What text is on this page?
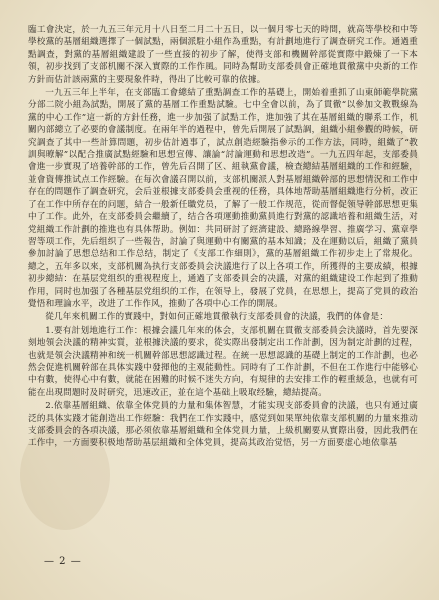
臨工會決定，於一九五三年元月十八日至二月二十五日，以一個月零七天的時間，就高等學校和中等學校黨的基層組織選擇了一個試點，兩個派駐小組作為重點，有計劃地進行了調查研究工作。通過重點調查，對黨的基層組織建設了一些直接的初步了解，使得支部和機關幹部從實際中鍛煉了一下本領，初步找到了支部机關不深入實際的工作作風。同時為幫助支部委員會正確地貫徹黨中央新的工作方針而估計該兩黨的主要現象件時，得出了比較可靠的依據。

一九五三年上半年，在支部臨工會總結了重點調查工作的基礎上，開始着重抓了山東師範學院黨分部二院小組為試點，開展了黨的基層工作重點試驗。七中全會以前，為了貫徹“以參加文教戰線為黨的中心工作”這一新的方針任務，進一步加强了試點工作，進加強了其在基層組織的聯系工作，机關內部總立了必要的會議制度。在兩年半的過程中，曾先后開展了試點調，組織小組參觀的時候，研究調查了其中一些計算問題，初步估計過事了，試点創造經驗指參示的工作方法，同時，組織了“教訓與暸解”以配合推廣試點經驗和思想宣傳、讓論“討論運動和思想改造”。一九五四年起，支部委員會進一步實現了培養幹部的工作，曾先后召開了区、組執黨會議，檢查總結基層組織的工作和經驗，並會資傳推试点工作經驗。在每次會議召開以前，支部机關派人對基層組織幹部的思想情況和工作中存在的問題作了調查研究，会后並根據支部委員会重视的任務，具体地帮助基層組織進行分析，改正了在工作中所存在的问题，結合一般新任職党员，了解了一般工作规范，從而督促领导幹部思想更集中了工作。此外，在支部委員会繼續了，结合各項運動推動黨員進行對黨的認識培養和組織生活，对党組織工作計劃的推進也有具体帮助。例如：共同研討了經濟建設、總路線學習、推廣学习、黨章學習等项工作，先后组织了一些報告，討論了與運動中有關黨的基本知識；及在運動以后，組織了黨員參加討論了思想总结和工作总结，制定了《支部工作細則》，黨的基層組織工作初步走上了常規化。總之，五年多以來，支部机關為执行支部委員会決議進行了以上各項工作，所獲得的主要成績，根據初步總結：在基层党组织的重视程度上，通過了支部委員会的决議，对黨的組織建设工作起到了推動作用，同时也加强了各種基层党组织的工作，在领导上，發展了党員，在思想上，提高了党員的政治覺悟和理論水平，改进了工作作风，推動了各項中心工作的開展。

從几年來机關工作的實踐中，對如何正確地貫徹執行支部委員會的決議，我們的体會是：

1.要有計划地進行工作：根據会議几年來的体会，支部机關在貫徹支部委員会決議時，首先要深刻地領会決議的精神实質，並根據決議的要求，從实際出發制定出工作計劃，因为制定計劃的过程，也就是領会決議精神和统一机關幹部思想認識过程。在統一思想認識的基礎上制定的工作計劃，也必然会促進机關幹部在具体实踐中發揮他的主观能動性。同時有了工作計劃，不但在工作進行中能够心中有數，使得心中有數，就能在困難的时候不迷失方向，有規律的去安排工作的輕重緩急，也就有可能在出現問題时及时研究，迅速改正，並在這个基础上吸取经驗，總結提高。

2.依靠基層組織、依靠全体党員的力量和集体智慧，才能实现支部委員會的決議，也只有通过廣泛的具体实踐才能創造出工作經驗：我們在工作实踐中，感觉到如果單纯依靠支部机關的力量來推动支部委員会的各項决議，那必须依靠基層組織和全体党員力量，上級机關要从實際出發，因此我們在工作中，一方面要积极地帮助基层組織和全体党員，提高其政治觉悟，另一方面要虚心地依靠基

— 2 —
